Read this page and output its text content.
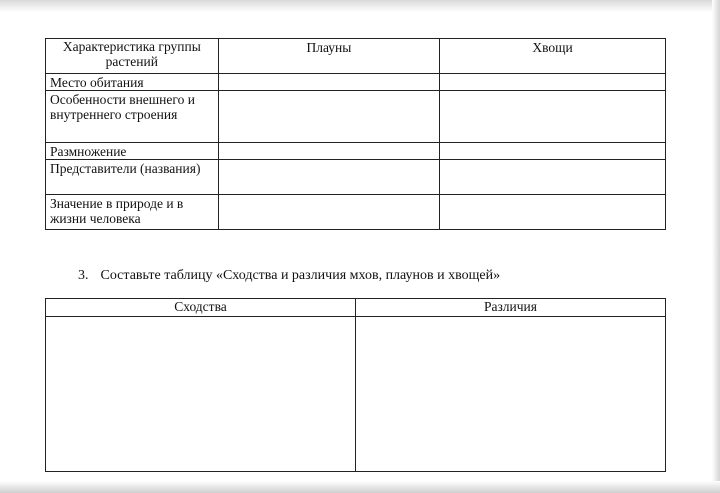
Характеристика группы растений	Плауны	Хвощи
Место обитания		
Особенности внешнего и внутреннего строения		
Размножение		
Представители (названия)		
Значение в природе и в жизни человека		
3. Составьте таблицу «Сходства и различия мхов, плаунов и хвощей»
Сходства	Различия
